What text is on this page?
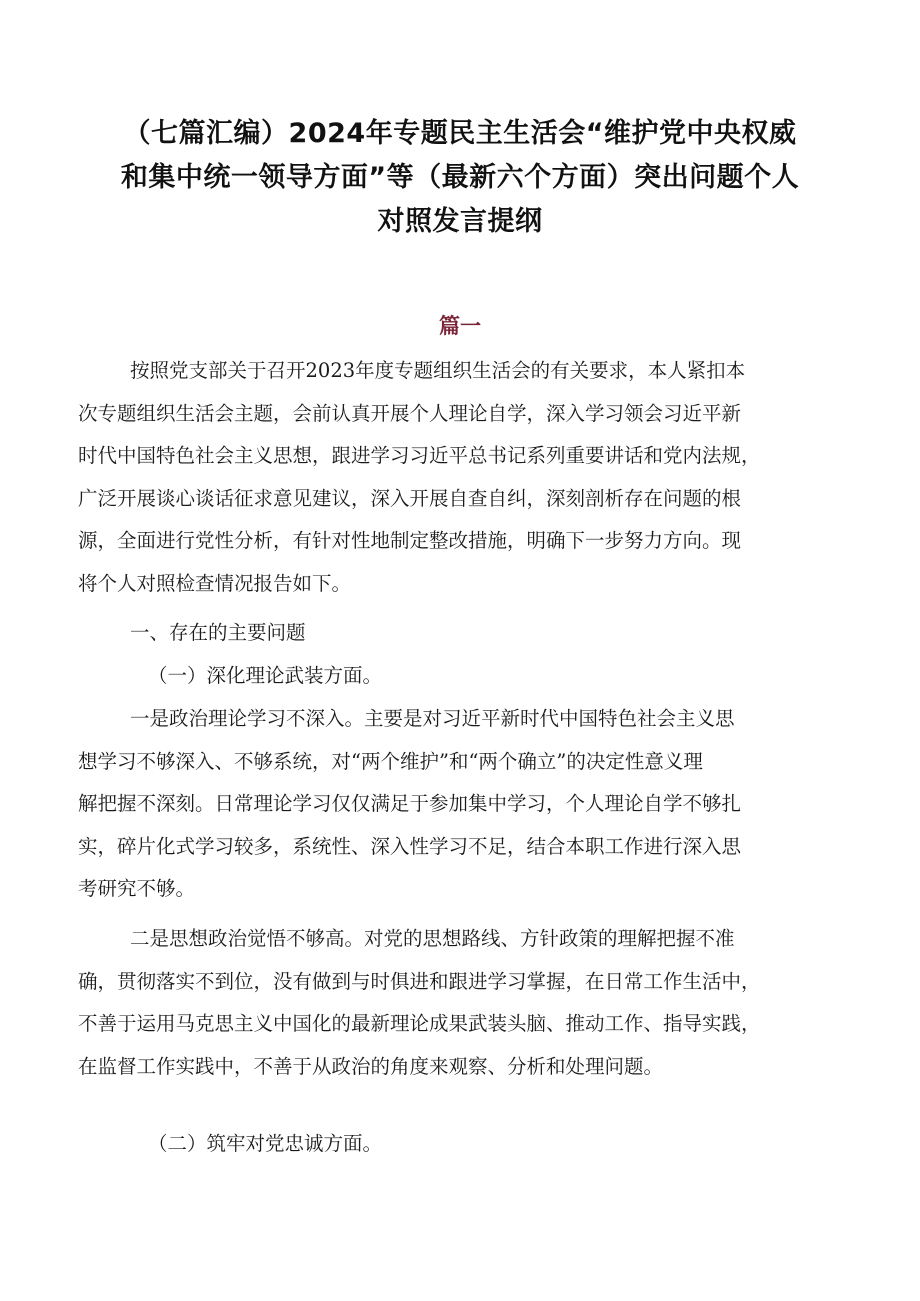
（七篇汇编）2024年专题民主生活会“维护党中央权威
和集中统一领导方面”等（最新六个方面）突出问题个人
对照发言提纲
篇一
按照党支部关于召开2023年度专题组织生活会的有关要求，本人紧扣本
次专题组织生活会主题，会前认真开展个人理论自学，深入学习领会习近平新
时代中国特色社会主义思想，跟进学习习近平总书记系列重要讲话和党内法规，
广泛开展谈心谈话征求意见建议，深入开展自查自纠，深刻剖析存在问题的根
源，全面进行党性分析，有针对性地制定整改措施，明确下一步努力方向。现
将个人对照检查情况报告如下。
一、存在的主要问题
（一）深化理论武装方面。
一是政治理论学习不深入。主要是对习近平新时代中国特色社会主义思
想学习不够深入、不够系统，对“两个维护”和“两个确立”的决定性意义理
解把握不深刻。日常理论学习仅仅满足于参加集中学习，个人理论自学不够扎
实，碎片化式学习较多，系统性、深入性学习不足，结合本职工作进行深入思
考研究不够。
二是思想政治觉悟不够高。对党的思想路线、方针政策的理解把握不准
确，贯彻落实不到位，没有做到与时俱进和跟进学习掌握，在日常工作生活中，
不善于运用马克思主义中国化的最新理论成果武装头脑、推动工作、指导实践，
在监督工作实践中，不善于从政治的角度来观察、分析和处理问题。
（二）筑牢对党忠诚方面。
